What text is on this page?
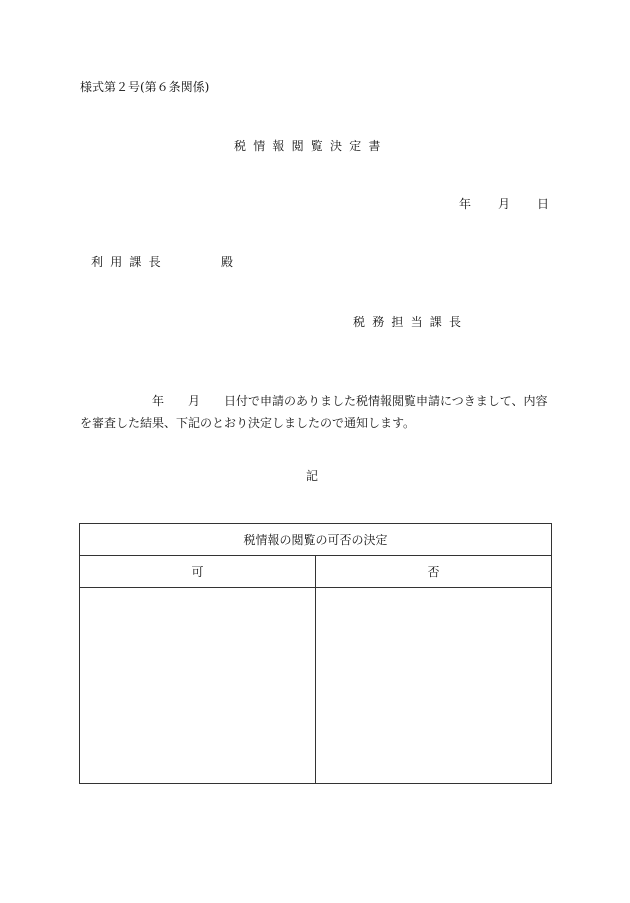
様式第２号(第６条関係)
税情報閲覧決定書
年 月 日
利用課長	殿
税務担当課長
年 月 日付で申請のありました税情報閲覧申請につきまして、内容を審査した結果、下記のとおり決定しましたので通知します。
記
税情報の閲覧の可否の決定	
可	否
